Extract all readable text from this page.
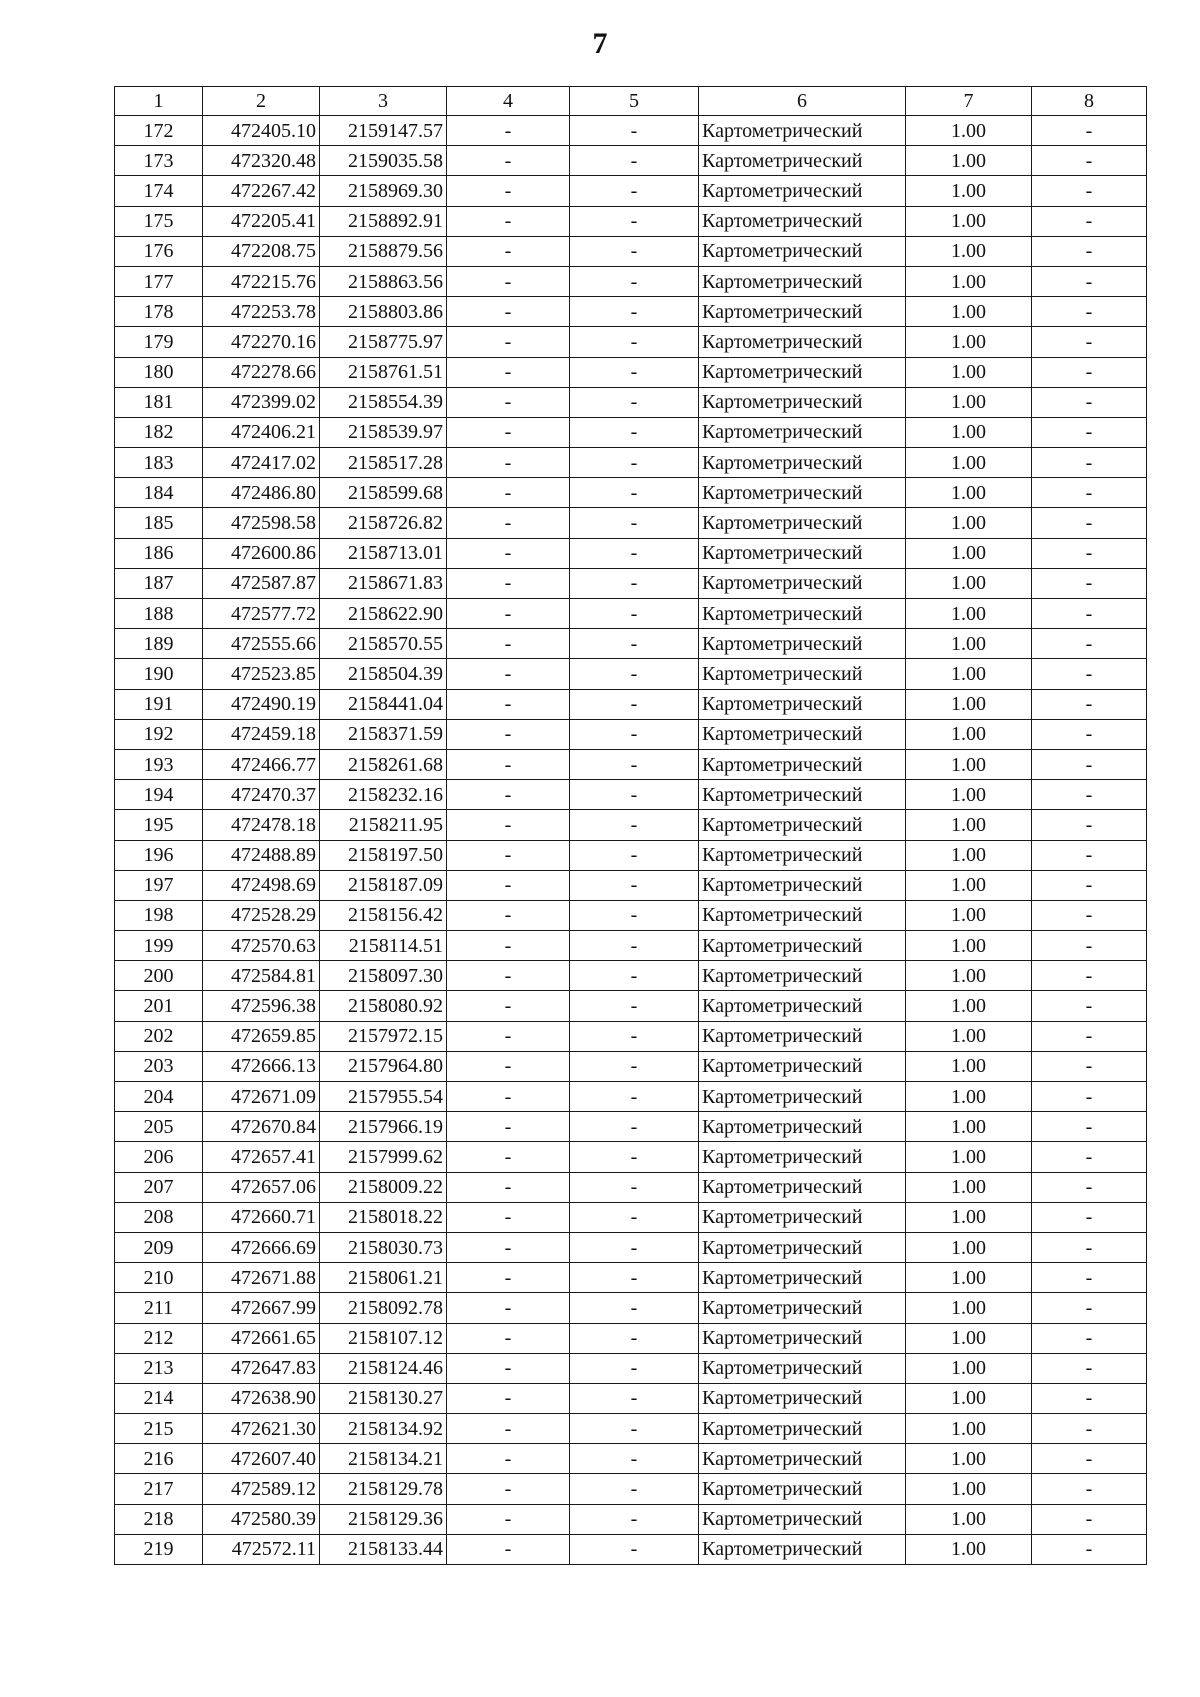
7
1	2	3	4	5	6	7	8
172	472405.10	2159147.57	-	-	Картометрический	1.00	-
173	472320.48	2159035.58	-	-	Картометрический	1.00	-
174	472267.42	2158969.30	-	-	Картометрический	1.00	-
175	472205.41	2158892.91	-	-	Картометрический	1.00	-
176	472208.75	2158879.56	-	-	Картометрический	1.00	-
177	472215.76	2158863.56	-	-	Картометрический	1.00	-
178	472253.78	2158803.86	-	-	Картометрический	1.00	-
179	472270.16	2158775.97	-	-	Картометрический	1.00	-
180	472278.66	2158761.51	-	-	Картометрический	1.00	-
181	472399.02	2158554.39	-	-	Картометрический	1.00	-
182	472406.21	2158539.97	-	-	Картометрический	1.00	-
183	472417.02	2158517.28	-	-	Картометрический	1.00	-
184	472486.80	2158599.68	-	-	Картометрический	1.00	-
185	472598.58	2158726.82	-	-	Картометрический	1.00	-
186	472600.86	2158713.01	-	-	Картометрический	1.00	-
187	472587.87	2158671.83	-	-	Картометрический	1.00	-
188	472577.72	2158622.90	-	-	Картометрический	1.00	-
189	472555.66	2158570.55	-	-	Картометрический	1.00	-
190	472523.85	2158504.39	-	-	Картометрический	1.00	-
191	472490.19	2158441.04	-	-	Картометрический	1.00	-
192	472459.18	2158371.59	-	-	Картометрический	1.00	-
193	472466.77	2158261.68	-	-	Картометрический	1.00	-
194	472470.37	2158232.16	-	-	Картометрический	1.00	-
195	472478.18	2158211.95	-	-	Картометрический	1.00	-
196	472488.89	2158197.50	-	-	Картометрический	1.00	-
197	472498.69	2158187.09	-	-	Картометрический	1.00	-
198	472528.29	2158156.42	-	-	Картометрический	1.00	-
199	472570.63	2158114.51	-	-	Картометрический	1.00	-
200	472584.81	2158097.30	-	-	Картометрический	1.00	-
201	472596.38	2158080.92	-	-	Картометрический	1.00	-
202	472659.85	2157972.15	-	-	Картометрический	1.00	-
203	472666.13	2157964.80	-	-	Картометрический	1.00	-
204	472671.09	2157955.54	-	-	Картометрический	1.00	-
205	472670.84	2157966.19	-	-	Картометрический	1.00	-
206	472657.41	2157999.62	-	-	Картометрический	1.00	-
207	472657.06	2158009.22	-	-	Картометрический	1.00	-
208	472660.71	2158018.22	-	-	Картометрический	1.00	-
209	472666.69	2158030.73	-	-	Картометрический	1.00	-
210	472671.88	2158061.21	-	-	Картометрический	1.00	-
211	472667.99	2158092.78	-	-	Картометрический	1.00	-
212	472661.65	2158107.12	-	-	Картометрический	1.00	-
213	472647.83	2158124.46	-	-	Картометрический	1.00	-
214	472638.90	2158130.27	-	-	Картометрический	1.00	-
215	472621.30	2158134.92	-	-	Картометрический	1.00	-
216	472607.40	2158134.21	-	-	Картометрический	1.00	-
217	472589.12	2158129.78	-	-	Картометрический	1.00	-
218	472580.39	2158129.36	-	-	Картометрический	1.00	-
219	472572.11	2158133.44	-	-	Картометрический	1.00	-
